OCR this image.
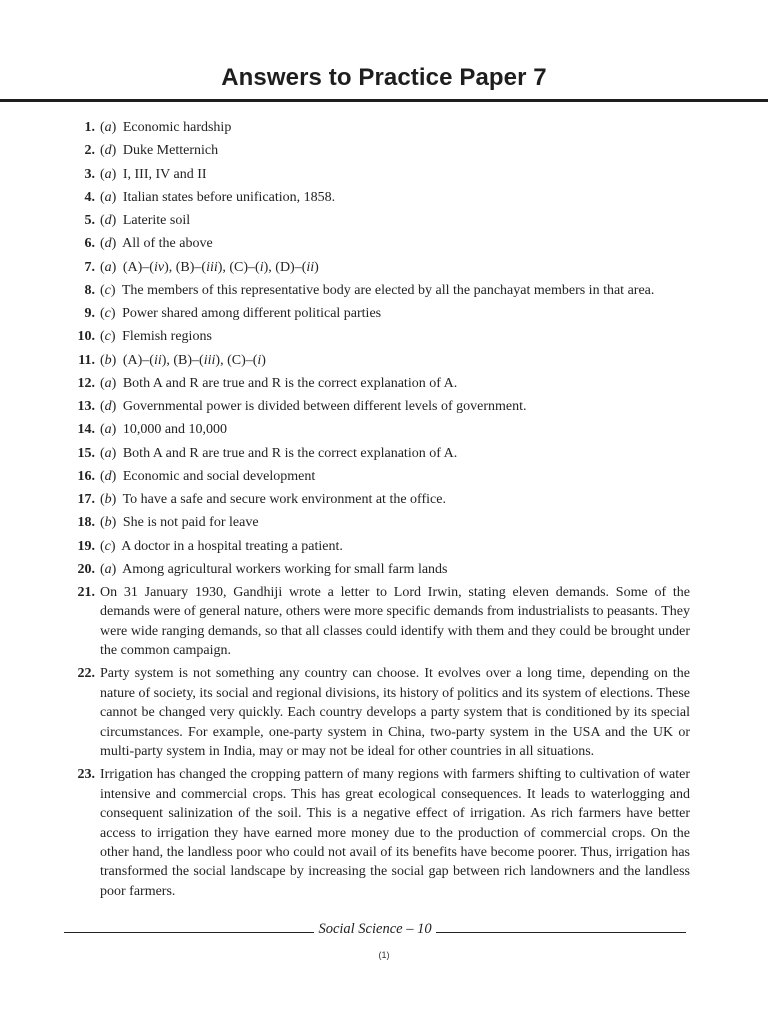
Answers to Practice Paper 7
1. (a) Economic hardship
2. (d) Duke Metternich
3. (a) I, III, IV and II
4. (a) Italian states before unification, 1858.
5. (d) Laterite soil
6. (d) All of the above
7. (a) (A)–(iv), (B)–(iii), (C)–(i), (D)–(ii)
8. (c) The members of this representative body are elected by all the panchayat members in that area.
9. (c) Power shared among different political parties
10. (c) Flemish regions
11. (b) (A)–(ii), (B)–(iii), (C)–(i)
12. (a) Both A and R are true and R is the correct explanation of A.
13. (d) Governmental power is divided between different levels of government.
14. (a) 10,000 and 10,000
15. (a) Both A and R are true and R is the correct explanation of A.
16. (d) Economic and social development
17. (b) To have a safe and secure work environment at the office.
18. (b) She is not paid for leave
19. (c) A doctor in a hospital treating a patient.
20. (a) Among agricultural workers working for small farm lands
21. On 31 January 1930, Gandhiji wrote a letter to Lord Irwin, stating eleven demands. Some of the demands were of general nature, others were more specific demands from industrialists to peasants. They were wide ranging demands, so that all classes could identify with them and they could be brought under the common campaign.
22. Party system is not something any country can choose. It evolves over a long time, depending on the nature of society, its social and regional divisions, its history of politics and its system of elections. These cannot be changed very quickly. Each country develops a party system that is conditioned by its special circumstances. For example, one-party system in China, two-party system in the USA and the UK or multi-party system in India, may or may not be ideal for other countries in all situations.
23. Irrigation has changed the cropping pattern of many regions with farmers shifting to cultivation of water intensive and commercial crops. This has great ecological consequences. It leads to waterlogging and consequent salinization of the soil. This is a negative effect of irrigation. As rich farmers have better access to irrigation they have earned more money due to the production of commercial crops. On the other hand, the landless poor who could not avail of its benefits have become poorer. Thus, irrigation has transformed the social landscape by increasing the social gap between rich landowners and the landless poor farmers.
Social Science – 10
(1)
